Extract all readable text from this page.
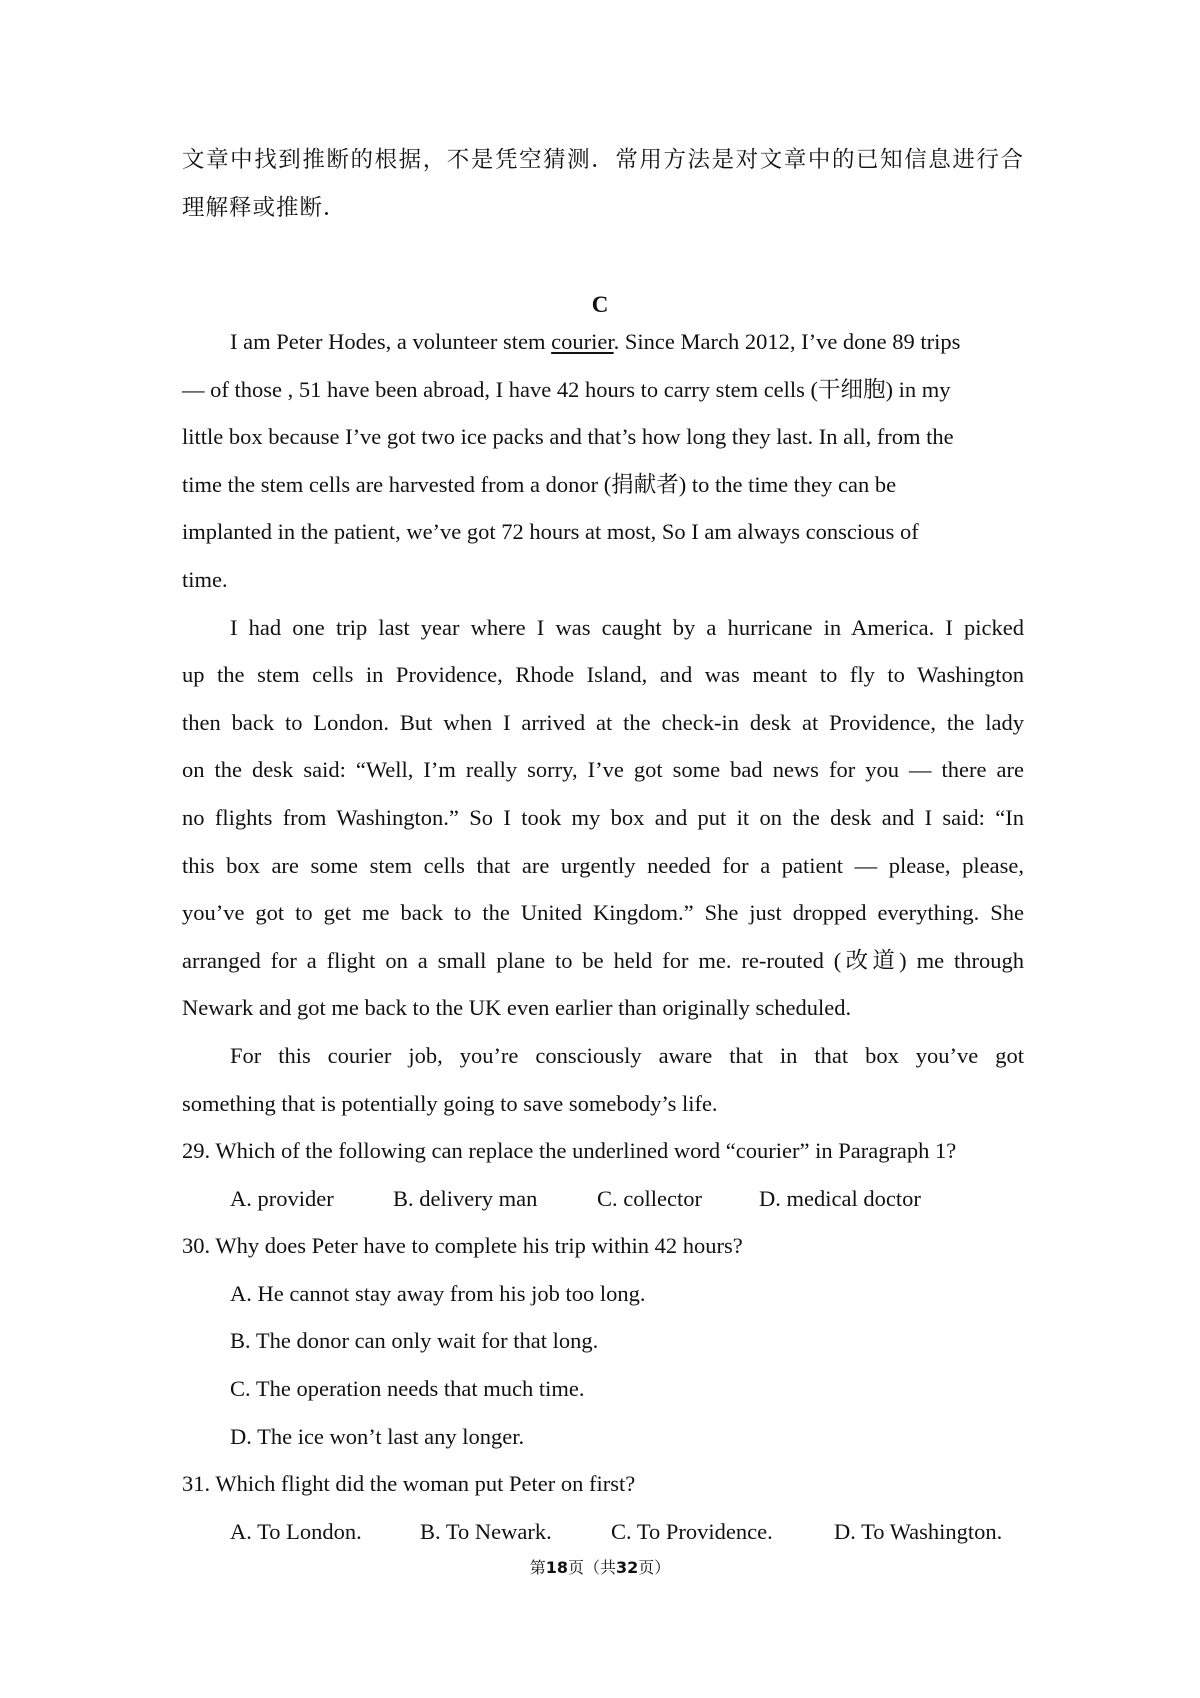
文章中找到推断的根据，不是凭空猜测．常用方法是对文章中的已知信息进行合
理解释或推断．
C
I am Peter Hodes, a volunteer stem courier. Since March 2012, I’ve done 89 trips
— of those , 51 have been abroad, I have 42 hours to carry stem cells (干细胞) in my
little box because I’ve got two ice packs and that’s how long they last. In all, from the
time the stem cells are harvested from a donor (捐献者) to the time they can be
implanted in the patient, we’ve got 72 hours at most, So I am always conscious of
time.
I had one trip last year where I was caught by a hurricane in America. I picked
up the stem cells in Providence, Rhode Island, and was meant to fly to Washington
then back to London. But when I arrived at the check-in desk at Providence, the lady
on the desk said: “Well, I’m really sorry, I’ve got some bad news for you — there are
no flights from Washington.” So I took my box and put it on the desk and I said: “In
this box are some stem cells that are urgently needed for a patient — please, please,
you’ve got to get me back to the United Kingdom.” She just dropped everything. She
arranged for a flight on a small plane to be held for me. re-routed (改道) me through
Newark and got me back to the UK even earlier than originally scheduled.
For this courier job, you’re consciously aware that in that box you’ve got
something that is potentially going to save somebody’s life.
29. Which of the following can replace the underlined word “courier” in Paragraph 1?
A. provider	B. delivery man	C. collector	D. medical doctor
30. Why does Peter have to complete his trip within 42 hours?
A. He cannot stay away from his job too long.
B. The donor can only wait for that long.
C. The operation needs that much time.
D. The ice won’t last any longer.
31. Which flight did the woman put Peter on first?
A. To London.	B. To Newark.	C. To Providence.	D. To Washington.
第18页（共32页）
